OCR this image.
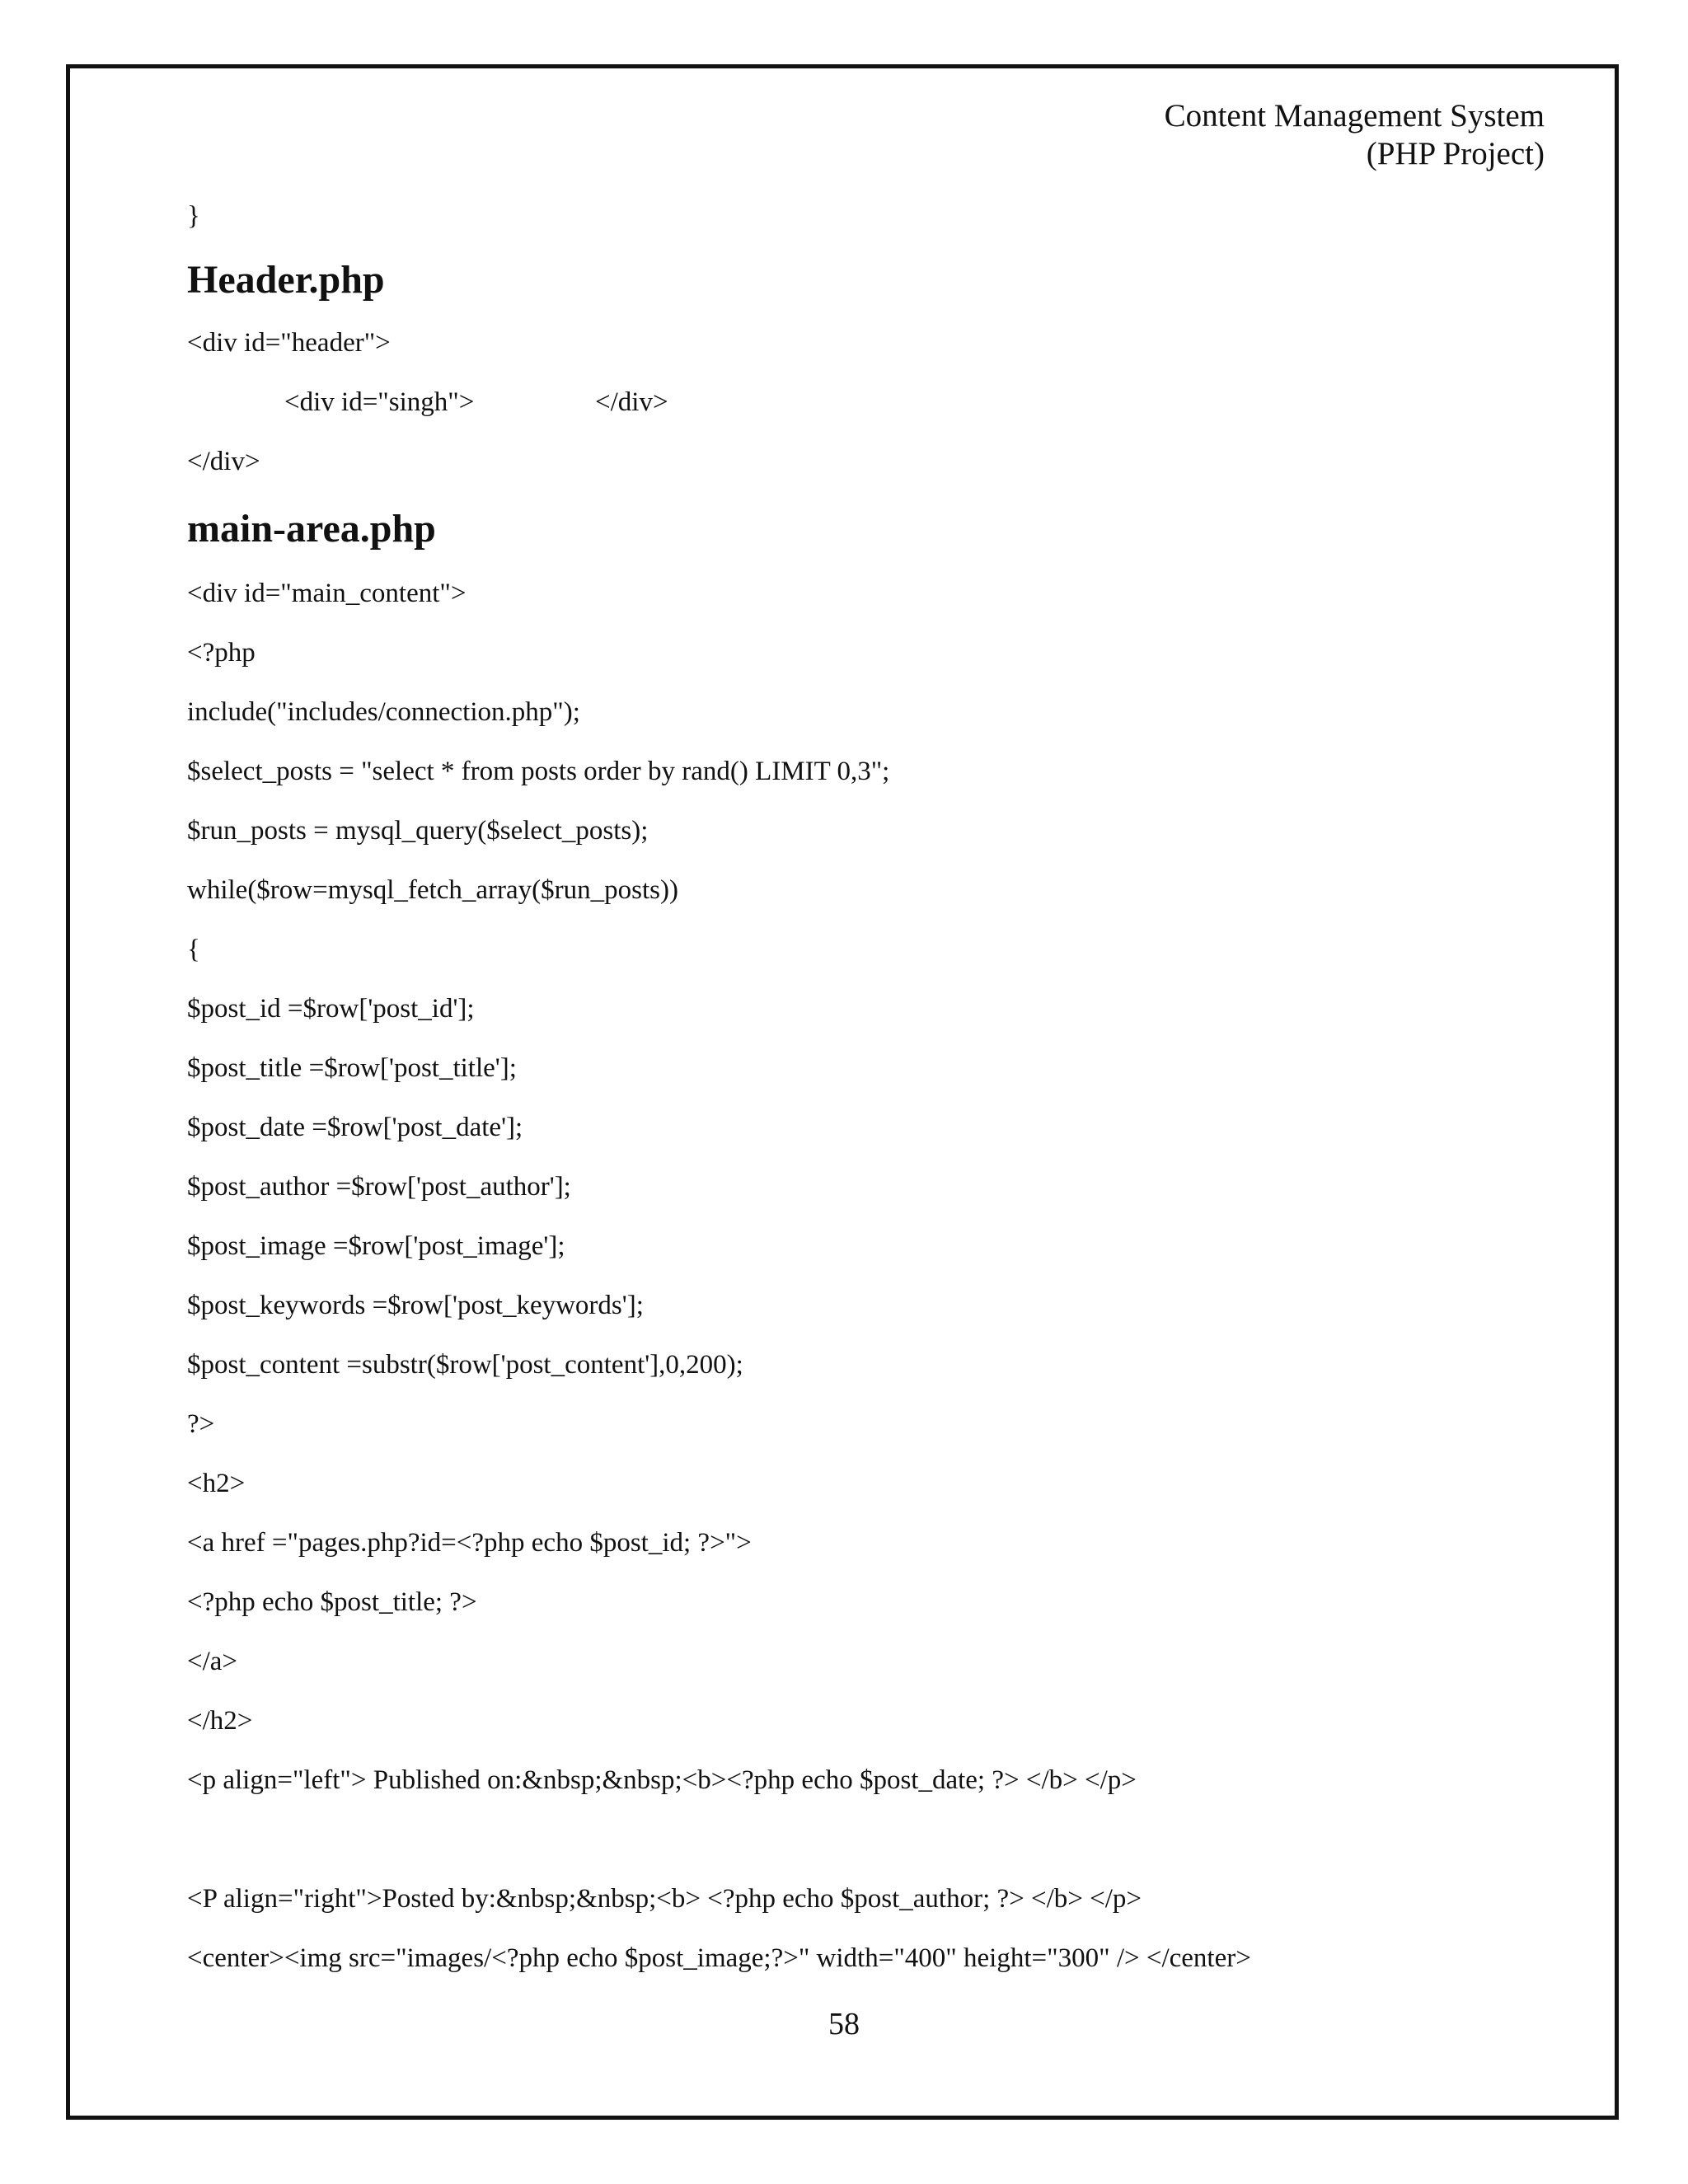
Content Management System
(PHP Project)
}
Header.php
<div id="header">
<div id="singh">	</div>
</div>
main-area.php
<div id="main_content">
<?php
include("includes/connection.php");
$select_posts = "select * from posts order by rand() LIMIT 0,3";
$run_posts = mysql_query($select_posts);
while($row=mysql_fetch_array($run_posts))
{
$post_id =$row['post_id'];
$post_title =$row['post_title'];
$post_date =$row['post_date'];
$post_author =$row['post_author'];
$post_image =$row['post_image'];
$post_keywords =$row['post_keywords'];
$post_content =substr($row['post_content'],0,200);
?>
<h2>
<a href ="pages.php?id=<?php echo $post_id; ?>">
<?php echo $post_title; ?>
</a>
</h2>
<p align="left"> Published on:&nbsp;&nbsp;<b><?php echo $post_date; ?> </b> </p>
<P align="right">Posted by:&nbsp;&nbsp;<b> <?php echo $post_author; ?> </b> </p>
<center><img src="images/<?php echo $post_image;?>" width="400" height="300" /> </center>
58
